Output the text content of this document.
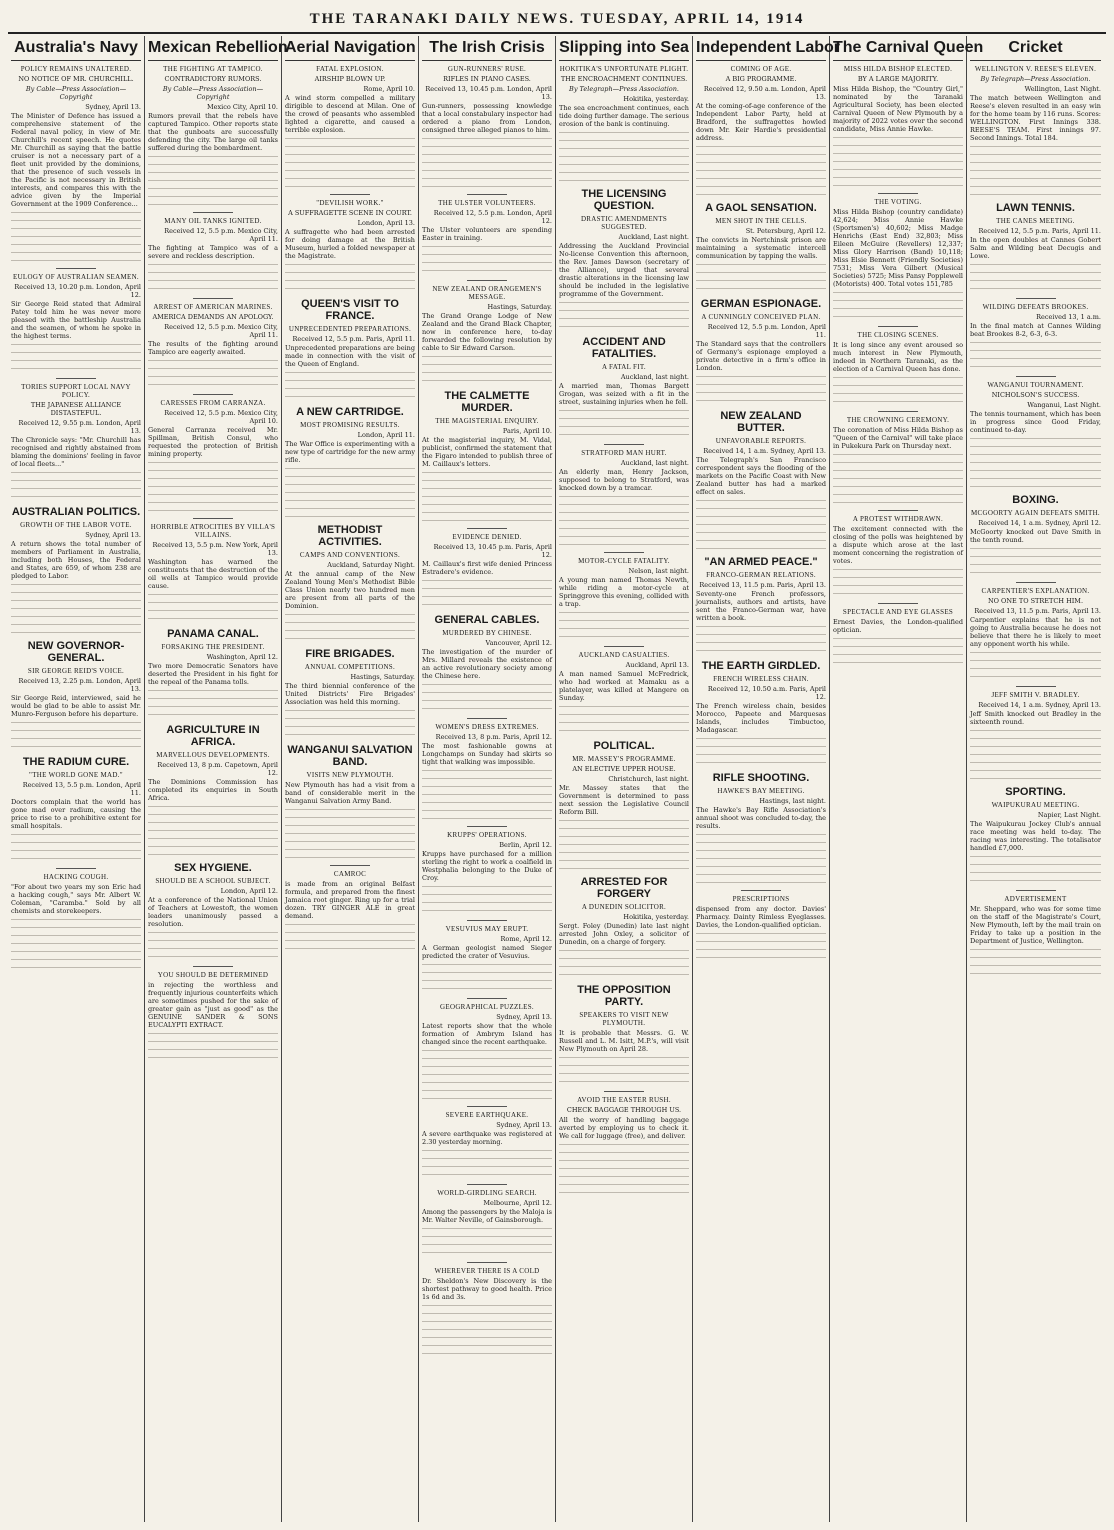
THE TARANAKI DAILY NEWS. TUESDAY, APRIL 14, 1914
Australia's Navy
POLICY REMAINS UNALTERED.
NO NOTICE OF MR. CHURCHILL.
By Cable—Press Association—Copyright
Sydney, April 13.
The Minister of Defence has issued a comprehensive statement of the Federal naval policy, in view of Mr. Churchill's recent speech. He quotes Mr. Churchill as saying that the battle cruiser is not a necessary part of a fleet unit provided by the dominions, that the presence of such vessels in the Pacific is not necessary in British interests, and compares this with the advice given by the Imperial Government at the 1909 Conference...
EULOGY OF AUSTRALIAN SEAMEN.
Received 13, 10.20 p.m. London, April 12.
Sir George Reid stated that Admiral Patey told him he was never more pleased with the battleship Australia and the seamen, of whom he spoke in the highest terms.
TORIES SUPPORT LOCAL NAVY POLICY.
THE JAPANESE ALLIANCE DISTASTEFUL.
Received 12, 9.55 p.m. London, April 13.
The Chronicle says: "Mr. Churchill has recognised and rightly abstained from blaming the dominions' feeling in favor of local fleets..."
AUSTRALIAN POLITICS.
GROWTH OF THE LABOR VOTE.
Sydney, April 13.
A return shows the total number of members of Parliament in Australia, including both Houses, the Federal and States, are 659, of whom 238 are pledged to Labor.
NEW GOVERNOR-GENERAL.
SIR GEORGE REID'S VOICE.
Received 13, 2.25 p.m. London, April 13.
Sir George Reid, interviewed, said he would be glad to be able to assist Mr. Munro-Ferguson before his departure.
THE RADIUM CURE.
"THE WORLD GONE MAD."
Received 13, 5.5 p.m. London, April 11.
Doctors complain that the world has gone mad over radium, causing the price to rise to a prohibitive extent for small hospitals.
HACKING COUGH.
"For about two years my son Eric had a hacking cough," says Mr. Albert W. Coleman, "Caramba." Sold by all chemists and storekeepers.
Mexican Rebellion
THE FIGHTING AT TAMPICO.
CONTRADICTORY RUMORS.
By Cable—Press Association—Copyright
Mexico City, April 10.
Rumors prevail that the rebels have captured Tampico. Other reports state that the gunboats are successfully defending the city. The large oil tanks suffered during the bombardment.
MANY OIL TANKS IGNITED.
Received 12, 5.5 p.m. Mexico City, April 11.
The fighting at Tampico was of a severe and reckless description.
ARREST OF AMERICAN MARINES.
AMERICA DEMANDS AN APOLOGY.
Received 12, 5.5 p.m. Mexico City, April 11.
The results of the fighting around Tampico are eagerly awaited.
CARESSES FROM CARRANZA.
Received 12, 5.5 p.m. Mexico City, April 10.
General Carranza received Mr. Spillman, British Consul, who requested the protection of British mining property.
HORRIBLE ATROCITIES BY VILLA'S VILLAINS.
Received 13, 5.5 p.m. New York, April 13.
Washington has warned the constituents that the destruction of the oil wells at Tampico would provide cause.
PANAMA CANAL.
FORSAKING THE PRESIDENT.
Washington, April 12.
Two more Democratic Senators have deserted the President in his fight for the repeal of the Panama tolls.
AGRICULTURE IN AFRICA.
MARVELLOUS DEVELOPMENTS.
Received 13, 8 p.m. Capetown, April 12.
The Dominions Commission has completed its enquiries in South Africa.
SEX HYGIENE.
SHOULD BE A SCHOOL SUBJECT.
London, April 12.
At a conference of the National Union of Teachers at Lowestoft, the women leaders unanimously passed a resolution.
YOU SHOULD BE DETERMINED
in rejecting the worthless and frequently injurious counterfeits which are sometimes pushed for the sake of greater gain as "just as good" as the GENUINE SANDER & SONS EUCALYPTI EXTRACT.
Aerial Navigation
FATAL EXPLOSION.
AIRSHIP BLOWN UP.
Rome, April 10.
A wind storm compelled a military dirigible to descend at Milan. One of the crowd of peasants who assembled lighted a cigarette, and caused a terrible explosion.
"DEVILISH WORK."
A SUFFRAGETTE SCENE IN COURT.
London, April 13.
A suffragette who had been arrested for doing damage at the British Museum, hurled a folded newspaper at the Magistrate.
QUEEN'S VISIT TO FRANCE.
UNPRECEDENTED PREPARATIONS.
Received 12, 5.5 p.m. Paris, April 11.
Unprecedented preparations are being made in connection with the visit of the Queen of England.
A NEW CARTRIDGE.
MOST PROMISING RESULTS.
London, April 11.
The War Office is experimenting with a new type of cartridge for the new army rifle.
METHODIST ACTIVITIES.
CAMPS AND CONVENTIONS.
Auckland, Saturday Night.
At the annual camp of the New Zealand Young Men's Methodist Bible Class Union nearly two hundred men are present from all parts of the Dominion.
FIRE BRIGADES.
ANNUAL COMPETITIONS.
Hastings, Saturday.
The third biennial conference of the United Districts' Fire Brigades' Association was held this morning.
WANGANUI SALVATION BAND.
VISITS NEW PLYMOUTH.
New Plymouth has had a visit from a band of considerable merit in the Wanganui Salvation Army Band.
CAMROC
is made from an original Belfast formula, and prepared from the finest Jamaica root ginger. Ring up for a trial dozen. TRY GINGER ALE in great demand.
The Irish Crisis
GUN-RUNNERS' RUSE.
RIFLES IN PIANO CASES.
Received 13, 10.45 p.m. London, April 13.
Gun-runners, possessing knowledge that a local constabulary inspector had ordered a piano from London, consigned three alleged pianos to him.
THE ULSTER VOLUNTEERS.
Received 12, 5.5 p.m. London, April 12.
The Ulster volunteers are spending Easter in training.
NEW ZEALAND ORANGEMEN'S MESSAGE.
Hastings, Saturday.
The Grand Orange Lodge of New Zealand and the Grand Black Chapter, now in conference here, to-day forwarded the following resolution by cable to Sir Edward Carson.
THE CALMETTE MURDER.
THE MAGISTERIAL ENQUIRY.
Paris, April 10.
At the magisterial inquiry, M. Vidal, publicist, confirmed the statement that the Figaro intended to publish three of M. Caillaux's letters.
EVIDENCE DENIED.
Received 13, 10.45 p.m. Paris, April 12.
M. Caillaux's first wife denied Princess Estradere's evidence.
GENERAL CABLES.
MURDERED BY CHINESE.
Vancouver, April 12.
The investigation of the murder of Mrs. Millard reveals the existence of an active revolutionary society among the Chinese here.
WOMEN'S DRESS EXTREMES.
Received 13, 8 p.m. Paris, April 12.
The most fashionable gowns at Longchamps on Sunday had skirts so tight that walking was impossible.
KRUPPS' OPERATIONS.
Berlin, April 12.
Krupps have purchased for a million sterling the right to work a coalfield in Westphalia belonging to the Duke of Croy.
VESUVIUS MAY ERUPT.
Rome, April 12.
A German geologist named Sieger predicted the crater of Vesuvius.
GEOGRAPHICAL PUZZLES.
Sydney, April 13.
Latest reports show that the whole formation of Ambrym Island has changed since the recent earthquake.
SEVERE EARTHQUAKE.
Sydney, April 13.
A severe earthquake was registered at 2.30 yesterday morning.
WORLD-GIRDLING SEARCH.
Melbourne, April 12.
Among the passengers by the Maloja is Mr. Walter Neville, of Gainsborough.
WHEREVER THERE IS A COLD
Dr. Sheldon's New Discovery is the shortest pathway to good health. Price 1s 6d and 3s.
Slipping into Sea
HOKITIKA'S UNFORTUNATE PLIGHT.
THE ENCROACHMENT CONTINUES.
By Telegraph—Press Association.
Hokitika, yesterday.
The sea encroachment continues, each tide doing further damage. The serious erosion of the bank is continuing.
THE LICENSING QUESTION.
DRASTIC AMENDMENTS SUGGESTED.
Auckland, Last night.
Addressing the Auckland Provincial No-license Convention this afternoon, the Rev. James Dawson (secretary of the Alliance), urged that several drastic alterations in the licensing law should be included in the legislative programme of the Government.
ACCIDENT AND FATALITIES.
A FATAL FIT.
Auckland, last night.
A married man, Thomas Bargett Grogan, was seized with a fit in the street, sustaining injuries when he fell.
STRATFORD MAN HURT.
Auckland, last night.
An elderly man, Henry Jackson, supposed to belong to Stratford, was knocked down by a tramcar.
MOTOR-CYCLE FATALITY.
Nelson, last night.
A young man named Thomas Newth, while riding a motor-cycle at Springgrove this evening, collided with a trap.
AUCKLAND CASUALTIES.
Auckland, April 13.
A man named Samuel McFredrick, who had worked at Mamaku as a platelayer, was killed at Mangere on Sunday.
POLITICAL.
MR. MASSEY'S PROGRAMME.
AN ELECTIVE UPPER HOUSE.
Christchurch, last night.
Mr. Massey states that the Government is determined to pass next session the Legislative Council Reform Bill.
ARRESTED FOR FORGERY
A DUNEDIN SOLICITOR.
Hokitika, yesterday.
Sergt. Foley (Dunedin) late last night arrested John Oxley, a solicitor of Dunedin, on a charge of forgery.
THE OPPOSITION PARTY.
SPEAKERS TO VISIT NEW PLYMOUTH.
It is probable that Messrs. G. W. Russell and L. M. Isitt, M.P.'s, will visit New Plymouth on April 28.
AVOID THE EASTER RUSH.
CHECK BAGGAGE THROUGH US.
All the worry of handling baggage averted by employing us to check it. We call for luggage (free), and deliver.
Independent Labor
COMING OF AGE.
A BIG PROGRAMME.
Received 12, 9.50 a.m. London, April 13.
At the coming-of-age conference of the Independent Labor Party, held at Bradford, the suffragettes howled down Mr. Keir Hardie's presidential address.
A GAOL SENSATION.
MEN SHOT IN THE CELLS.
St. Petersburg, April 12.
The convicts in Nertchinsk prison are maintaining a systematic intercell communication by tapping the walls.
GERMAN ESPIONAGE.
A CUNNINGLY CONCEIVED PLAN.
Received 12, 5.5 p.m. London, April 11.
The Standard says that the controllers of Germany's espionage employed a private detective in a firm's office in London.
NEW ZEALAND BUTTER.
UNFAVORABLE REPORTS.
Received 14, 1 a.m. Sydney, April 13.
The Telegraph's San Francisco correspondent says the flooding of the markets on the Pacific Coast with New Zealand butter has had a marked effect on sales.
"AN ARMED PEACE."
FRANCO-GERMAN RELATIONS.
Received 13, 11.5 p.m. Paris, April 13.
Seventy-one French professors, journalists, authors and artists, have sent the Franco-German war, have written a book.
THE EARTH GIRDLED.
FRENCH WIRELESS CHAIN.
Received 12, 10.50 a.m. Paris, April 12.
The French wireless chain, besides Morocco, Papeete and Marquesas Islands, includes Timbuctoo, Madagascar.
RIFLE SHOOTING.
HAWKE'S BAY MEETING.
Hastings, last night.
The Hawke's Bay Rifle Association's annual shoot was concluded to-day, the results.
PRESCRIPTIONS
dispensed from any doctor. Davies' Pharmacy. Dainty Rimless Eyeglasses. Davies, the London-qualified optician.
The Carnival Queen
MISS HILDA BISHOP ELECTED.
BY A LARGE MAJORITY.
Miss Hilda Bishop, the "Country Girl," nominated by the Taranaki Agricultural Society, has been elected Carnival Queen of New Plymouth by a majority of 2022 votes over the second candidate, Miss Annie Hawke.
THE VOTING.
Miss Hilda Bishop (country candidate) 42,624; Miss Annie Hawke (Sportsmen's) 40,602; Miss Madge Henrichs (East End) 32,803; Miss Eileen McGuire (Revellers) 12,337; Miss Glory Harrison (Band) 10,118; Miss Elsie Bennett (Friendly Societies) 7531; Miss Vera Gilbert (Musical Societies) 5725; Miss Pansy Popplewell (Motorists) 400. Total votes 151,785
THE CLOSING SCENES.
It is long since any event aroused so much interest in New Plymouth, indeed in Northern Taranaki, as the election of a Carnival Queen has done.
THE CROWNING CEREMONY.
The coronation of Miss Hilda Bishop as "Queen of the Carnival" will take place in Pukekura Park on Thursday next.
A PROTEST WITHDRAWN.
The excitement connected with the closing of the polls was heightened by a dispute which arose at the last moment concerning the registration of votes.
SPECTACLE AND EYE GLASSES
Ernest Davies, the London-qualified optician.
Cricket
WELLINGTON V. REESE'S ELEVEN.
By Telegraph—Press Association.
Wellington, Last Night.
The match between Wellington and Reese's eleven resulted in an easy win for the home team by 116 runs. Scores: WELLINGTON. First Innings 338. REESE'S TEAM. First innings 97. Second Innings. Total 184.
LAWN TENNIS.
THE CANES MEETING.
Received 12, 5.5 p.m. Paris, April 11.
In the open doubles at Cannes Gobert Salm and Wilding beat Decugis and Lowe.
WILDING DEFEATS BROOKES.
Received 13, 1 a.m.
In the final match at Cannes Wilding beat Brookes 8-2, 6-3, 6-3.
WANGANUI TOURNAMENT.
NICHOLSON'S SUCCESS.
Wanganui, Last Night.
The tennis tournament, which has been in progress since Good Friday, continued to-day.
BOXING.
MCGOORTY AGAIN DEFEATS SMITH.
Received 14, 1 a.m. Sydney, April 12.
McGoorty knocked out Dave Smith in the tenth round.
CARPENTIER'S EXPLANATION.
NO ONE TO STRETCH HIM.
Received 13, 11.5 p.m. Paris, April 13.
Carpentier explains that he is not going to Australia because he does not believe that there he is likely to meet any opponent worth his while.
JEFF SMITH V. BRADLEY.
Received 14, 1 a.m. Sydney, April 13.
Jeff Smith knocked out Bradley in the sixteenth round.
SPORTING.
WAIPUKURAU MEETING.
Napier, Last Night.
The Waipukurau Jockey Club's annual race meeting was held to-day. The racing was interesting. The totalisator handled £7,000.
ADVERTISEMENT
Mr. Sheppard, who was for some time on the staff of the Magistrate's Court, New Plymouth, left by the mail train on Friday to take up a position in the Department of Justice, Wellington.
